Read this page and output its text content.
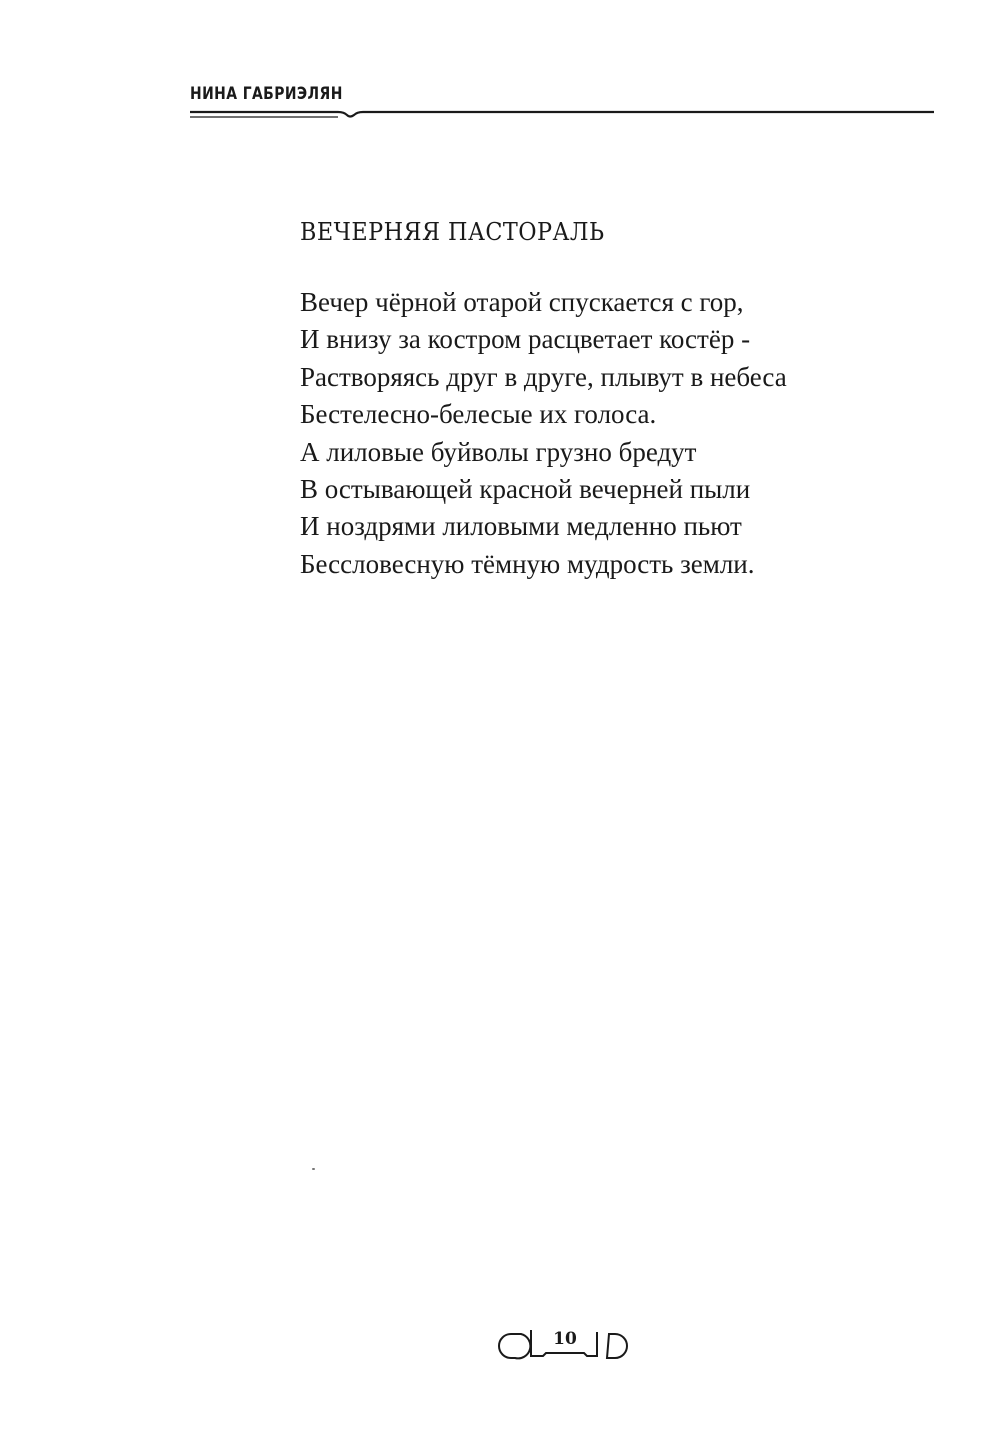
НИНА ГАБРИЭЛЯН
ВЕЧЕРНЯЯ ПАСТОРАЛЬ
Вечер чёрной отарой спускается с гор,
И внизу за костром расцветает костёр -
Растворяясь друг в друге, плывут в небеса
Бестелесно-белесые их голоса.
А лиловые буйволы грузно бредут
В остывающей красной вечерней пыли
И ноздрями лиловыми медленно пьют
Бессловесную тёмную мудрость земли.
10
